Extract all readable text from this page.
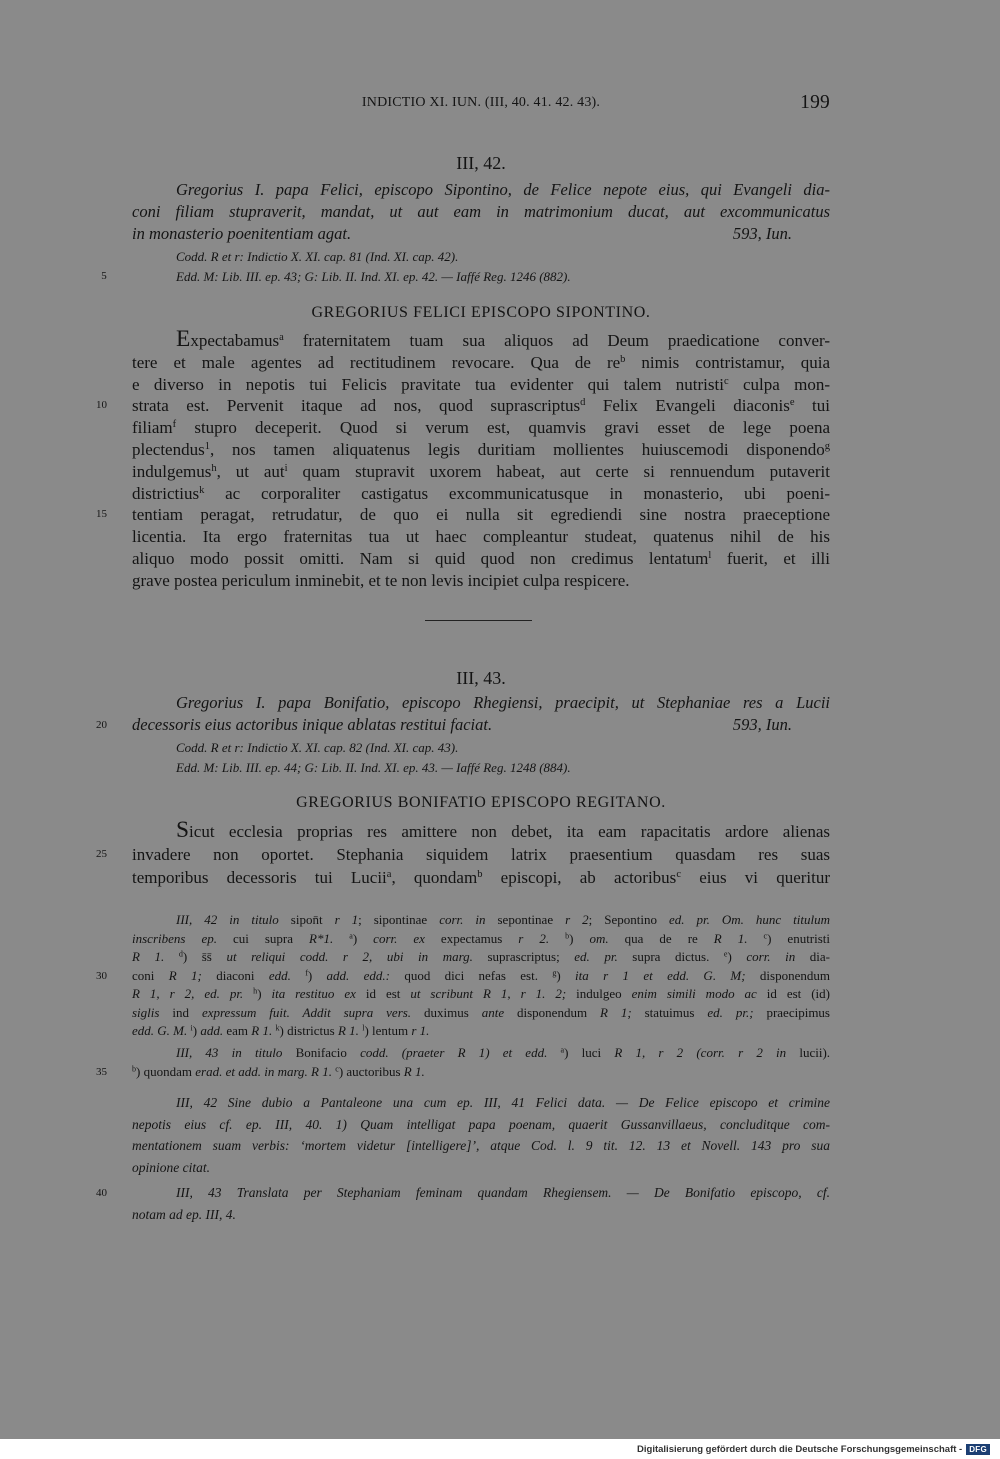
INDICTIO XI. IUN. (III, 40. 41. 42. 43).	199
III, 42.
Gregorius I. papa Felici, episcopo Sipontino, de Felice nepote eius, qui Evangeli dia-
coni filiam stupraverit, mandat, ut aut eam in matrimonium ducat, aut excommunicatus
in monasterio poenitentiam agat.	593, Iun.
Codd. R et r: Indictio X. XI. cap. 81 (Ind. XI. cap. 42).
Edd. M: Lib. III. ep. 43; G: Lib. II. Ind. XI. ep. 42. — Iaffé Reg. 1246 (882).
5
GREGORIUS FELICI EPISCOPO SIPONTINO.
Expectabamus$^a$ fraternitatem tuam sua aliquos ad Deum praedicatione conver-
tere et male agentes ad rectitudinem revocare. Qua de $re^b$ nimis contristamur, quia
e diverso in nepotis tui Felicis pravitate tua evidenter qui talem nutristi$^c$ culpa mon-
strata est. Pervenit itaque ad nos, quod suprascriptus$^d$ Felix Evangeli diaconis$^e$ tui
10
filiam$^f$ stupro deceperit. Quod si verum est, quamvis gravi esset de lege poena
plectendus$^1$, nos tamen aliquatenus legis duritiam mollientes huiuscemodi disponendo$^g$
indulgemus$^h$, ut aut$^i$ quam stupravit uxorem habeat, aut certe si rennuendum putaverit
districtius$^k$ ac corporaliter castigatus excommunicatusque in monasterio, ubi poeni-
tentiam peragat, retrudatur, de quo ei nulla sit egrediendi sine nostra praeceptione
15
licentia. Ita ergo fraternitas tua ut haec compleantur studeat, quatenus nihil de his
aliquo modo possit omitti. Nam si quid quod non credimus lentatum$^l$ fuerit, et illi
grave postea periculum inminebit, et te non levis incipiet culpa respicere.
III, 43.
Gregorius I. papa Bonifatio, episcopo Rhegiensi, praecipit, ut Stephaniae res a Lucii
decessoris eius actoribus inique ablatas restitui faciat.	593, Iun.
20
Codd. R et r: Indictio X. XI. cap. 82 (Ind. XI. cap. 43).
Edd. M: Lib. III. ep. 44; G: Lib. II. Ind. XI. ep. 43. — Iaffé Reg. 1248 (884).
GREGORIUS BONIFATIO EPISCOPO REGITANO.
Sicut ecclesia proprias res amittere non debet, ita eam rapacitatis ardore alienas
invadere non oportet. Stephania siquidem latrix praesentium quasdam res suas
25
temporibus decessoris tui Lucii$^a$, quondam$^b$ episcopi, ab actoribus$^c$ eius vi queritur
III, 42 in titulo sipon̄t r 1; sipontinae corr. in sepontinae r 2; Sepontino ed. pr. Om. hunc titulum
inscribens ep. cui supra R*1. $^a$) corr. ex expectamus r 2. $^b$) om. qua de re R 1. $^c$) enutristi
R 1. $^d$) s̄s̄ ut reliqui codd. r 2, ubi in marg. suprascriptus; ed. pr. supra dictus. $^e$) corr. in dia-
coni R 1; diaconi edd. $^f$) add. edd.: quod dici nefas est. $^g$) ita r 1 et edd. G. M; disponendum
30
R 1, r 2, ed. pr. $^h$) ita restituo ex id est ut scribunt R 1, r 1. 2; indulgeo enim simili modo ac id est (id)
siglis ind expressum fuit. Addit supra vers. duximus ante disponendum R 1; statuimus ed. pr.; praecipimus
edd. G. M. $^i$) add. eam R 1. $^k$) districtus R 1. $^l$) lentum r 1.
III, 43 in titulo Bonifacio codd. (praeter R 1) et edd. $^a$) luci R 1, r 2 (corr. r 2 in lucii).
$^b$) quondam erad. et add. in marg. R 1. $^c$) auctoribus R 1.
35
III, 42 Sine dubio a Pantaleone una cum ep. III, 41 Felici data. — De Felice episcopo et crimine
nepotis eius cf. ep. III, 40. 1) Quam intelligat papa poenam, quaerit Gussanvillaeus, concluditque com-
mentationem suam verbis: ‘mortem videtur [intelligere]’, atque Cod. l. 9 tit. 12. 13 et Novell. 143 pro sua
opinione citat.
III, 43 Translata per Stephaniam feminam quandam Rhegiensem. — De Bonifatio episcopo, cf.
40
notam ad ep. III, 4.
Digitalisierung gefördert durch die Deutsche Forschungsgemeinschaft - DFG
